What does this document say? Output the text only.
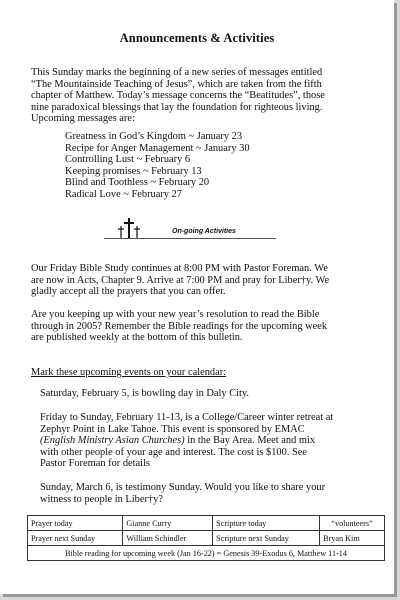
Announcements & Activities
This Sunday marks the beginning of a new series of messages entitled
“The Mountainside Teaching of Jesus”, which are taken from the fifth
chapter of Matthew. Today’s message concerns the “Beatitudes”, those
nine paradoxical blessings that lay the foundation for righteous living.
Upcoming messages are:
Greatness in God’s Kingdom ~ January 23
Recipe for Anger Management ~ January 30
Controlling Lust ~ February 6
Keeping promises ~ February 13
Blind and Toothless ~ February 20
Radical Love ~ February 27
On-going Activities
Our Friday Bible Study continues at 8:00 PM with Pastor Foreman. We
are now in Acts, Chapter 9. Arrive at 7:00 PM and pray for Liber†y. We
gladly accept all the prayers that you can offer.
Are you keeping up with your new year’s resolution to read the Bible
through in 2005? Remember the Bible readings for the upcoming week
are published weekly at the bottom of this bulletin.
Mark these upcoming events on your calendar:
Saturday, February 5, is bowling day in Daly City.
Friday to Sunday, February 11-13, is a College/Career winter retreat at
Zephyr Point in Lake Tahoe. This event is sponsored by EMAC
(English Ministry Asian Churches) in the Bay Area. Meet and mix
with other people of your age and interest. The cost is $100. See
Pastor Foreman for details
Sunday, March 6, is testimony Sunday. Would you like to share your
witness to people in Liber†y?
Prayer today	Gianne Curry	Scripture today	“volunteers”
Prayer next Sunday	William Schindler	Scripture next Sunday	Bryan Kim
Bible reading for upcoming week (Jan 16-22) = Genesis 39-Exodus 6, Matthew 11-14			
